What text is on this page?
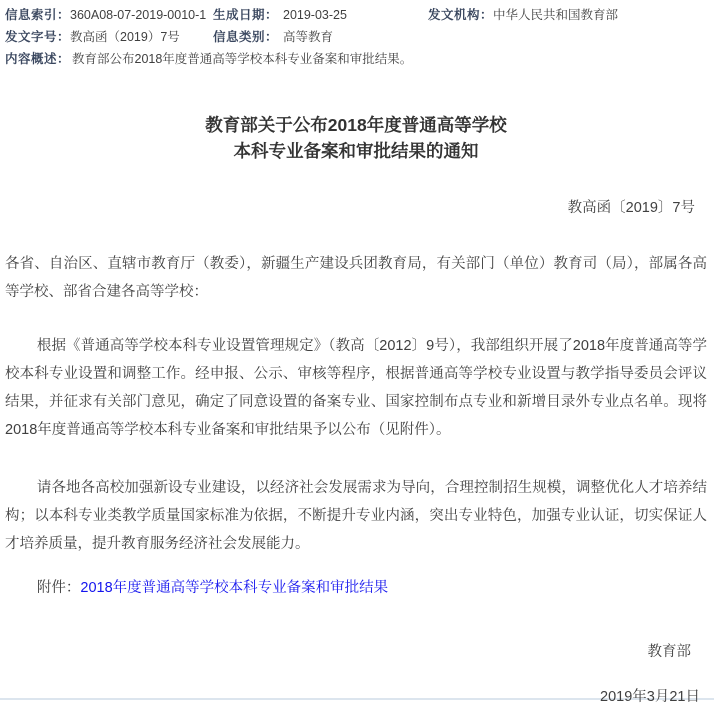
信息索引： 360A08-07-2019-0010-1 生成日期： 2019-03-25	发文机构： 中华人民共和国教育部
发文字号： 教高函（2019）7号	信息类别： 高等教育
内容概述： 教育部公布2018年度普通高等学校本科专业备案和审批结果。
教育部关于公布2018年度普通高等学校
本科专业备案和审批结果的通知
教高函〔2019〕7号
各省、自治区、直辖市教育厅（教委），新疆生产建设兵团教育局，有关部门（单位）教育司（局），部属各高等学校、部省合建各高等学校：
根据《普通高等学校本科专业设置管理规定》（教高〔2012〕9号），我部组织开展了2018年度普通高等学校本科专业设置和调整工作。经申报、公示、审核等程序，根据普通高等学校专业设置与教学指导委员会评议结果，并征求有关部门意见，确定了同意设置的备案专业、国家控制布点专业和新增目录外专业点名单。现将2018年度普通高等学校本科专业备案和审批结果予以公布（见附件）。
请各地各高校加强新设专业建设，以经济社会发展需求为导向，合理控制招生规模，调整优化人才培养结构；以本科专业类教学质量国家标准为依据，不断提升专业内涵，突出专业特色，加强专业认证，切实保证人才培养质量，提升教育服务经济社会发展能力。
附件：2018年度普通高等学校本科专业备案和审批结果
教育部
2019年3月21日
